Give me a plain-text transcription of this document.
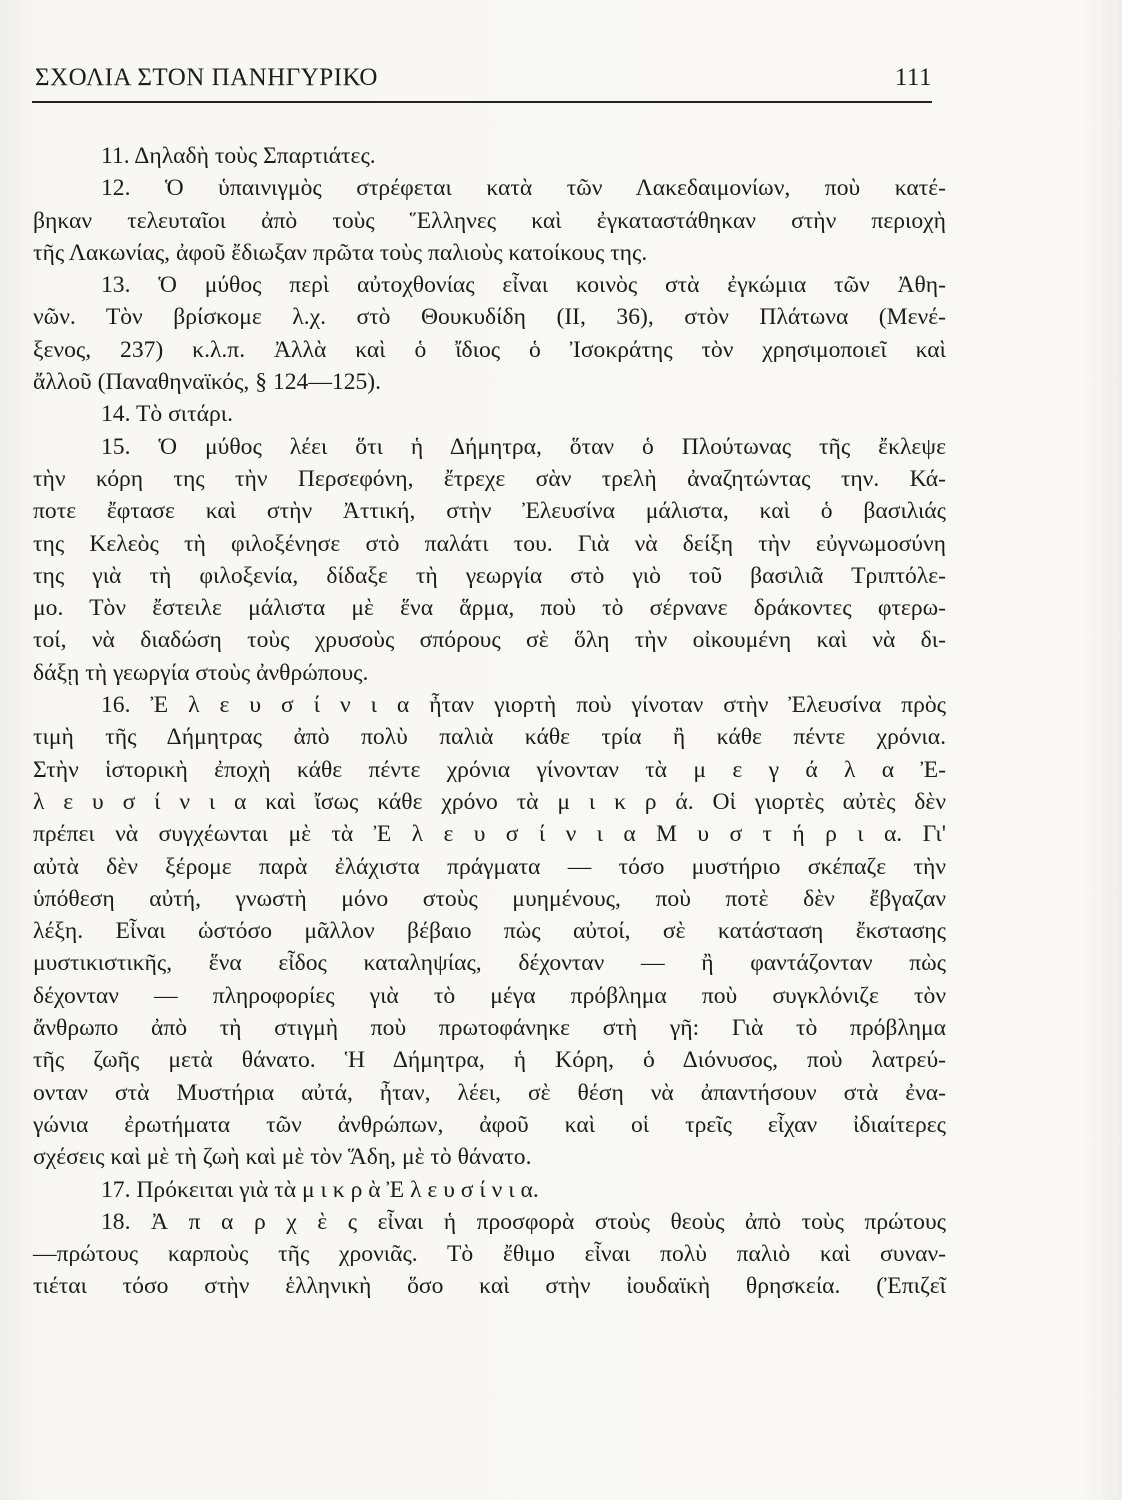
ΣΧΟΛΙΑ ΣΤΟΝ ΠΑΝΗΓΥΡΙΚΟ	111
11. Δηλαδὴ τοὺς Σπαρτιάτες.
12. Ὁ ὑπαινιγμὸς στρέφεται κατὰ τῶν Λακεδαιμονίων, ποὺ κατέ-
βηκαν τελευταῖοι ἀπὸ τοὺς Ἕλληνες καὶ ἐγκαταστάθηκαν στὴν περιοχὴ
τῆς Λακωνίας, ἀφοῦ ἔδιωξαν πρῶτα τοὺς παλιοὺς κατοίκους της.
13. Ὁ μύθος περὶ αὐτοχθονίας εἶναι κοινὸς στὰ ἐγκώμια τῶν Ἀθη-
νῶν. Τὸν βρίσκομε λ.χ. στὸ Θουκυδίδη (II, 36), στὸν Πλάτωνα (Μενέ-
ξενος, 237) κ.λ.π. Ἀλλὰ καὶ ὁ ἴδιος ὁ Ἰσοκράτης τὸν χρησιμοποιεῖ καὶ
ἄλλοῦ (Παναθηναϊκός, § 124—125).
14. Τὸ σιτάρι.
15. Ὁ μύθος λέει ὅτι ἡ Δήμητρα, ὅταν ὁ Πλούτωνας τῆς ἔκλεψε
τὴν κόρη της τὴν Περσεφόνη, ἔτρεχε σὰν τρελὴ ἀναζητώντας την. Κά-
ποτε ἔφτασε καὶ στὴν Ἀττική, στὴν Ἐλευσίνα μάλιστα, καὶ ὁ βασιλιάς
της Κελεὸς τὴ φιλοξένησε στὸ παλάτι του. Γιὰ νὰ δείξη τὴν εὐγνωμοσύνη
της γιὰ τὴ φιλοξενία, δίδαξε τὴ γεωργία στὸ γιὸ τοῦ βασιλιᾶ Τριπτόλε-
μο. Τὸν ἔστειλε μάλιστα μὲ ἕνα ἅρμα, ποὺ τὸ σέρνανε δράκοντες φτερω-
τοί, νὰ διαδώση τοὺς χρυσοὺς σπόρους σὲ ὅλη τὴν οἰκουμένη καὶ νὰ δι-
δάξῃ τὴ γεωργία στοὺς ἀνθρώπους.
16. Ἐ λ ε υ σ ί ν ι α ἦταν γιορτὴ ποὺ γίνοταν στὴν Ἐλευσίνα πρὸς
τιμὴ τῆς Δήμητρας ἀπὸ πολὺ παλιὰ κάθε τρία ἢ κάθε πέντε χρόνια.
Στὴν ἱστορικὴ ἐποχὴ κάθε πέντε χρόνια γίνονταν τὰ μ ε γ ά λ α Ἐ-
λ ε υ σ ί ν ι α καὶ ἴσως κάθε χρόνο τὰ μ ι κ ρ ά. Οἱ γιορτὲς αὐτὲς δὲν
πρέπει νὰ συγχέωνται μὲ τὰ Ἐ λ ε υ σ ί ν ι α Μ υ σ τ ή ρ ι α. Γι'
αὐτὰ δὲν ξέρομε παρὰ ἐλάχιστα πράγματα — τόσο μυστήριο σκέπαζε τὴν
ὑπόθεση αὐτή, γνωστὴ μόνο στοὺς μυημένους, ποὺ ποτὲ δὲν ἔβγαζαν
λέξη. Εἶναι ὡστόσο μᾶλλον βέβαιο πὼς αὐτοί, σὲ κατάσταση ἔκστασης
μυστικιστικῆς, ἕνα εἶδος καταληψίας, δέχονταν — ἢ φαντάζονταν πὼς
δέχονταν — πληροφορίες γιὰ τὸ μέγα πρόβλημα ποὺ συγκλόνιζε τὸν
ἄνθρωπο ἀπὸ τὴ στιγμὴ ποὺ πρωτοφάνηκε στὴ γῆ: Γιὰ τὸ πρόβλημα
τῆς ζωῆς μετὰ θάνατο. Ἡ Δήμητρα, ἡ Κόρη, ὁ Διόνυσος, ποὺ λατρεύ-
ονταν στὰ Μυστήρια αὐτά, ἦταν, λέει, σὲ θέση νὰ ἀπαντήσουν στὰ ἐνα-
γώνια ἐρωτήματα τῶν ἀνθρώπων, ἀφοῦ καὶ οἱ τρεῖς εἶχαν ἰδιαίτερες
σχέσεις καὶ μὲ τὴ ζωὴ καὶ μὲ τὸν Ἅδη, μὲ τὸ θάνατο.
17. Πρόκειται γιὰ τὰ μ ι κ ρ ὰ Ἐ λ ε υ σ ί ν ι α.
18. Ἀ π α ρ χ ὲ ς εἶναι ἡ προσφορὰ στοὺς θεοὺς ἀπὸ τοὺς πρώτους
—πρώτους καρποὺς τῆς χρονιᾶς. Τὸ ἔθιμο εἶναι πολὺ παλιὸ καὶ συναν-
τιέται τόσο στὴν ἑλληνικὴ ὅσο καὶ στὴν ἰουδαϊκὴ θρησκεία. (Ἐπιζεῖ
